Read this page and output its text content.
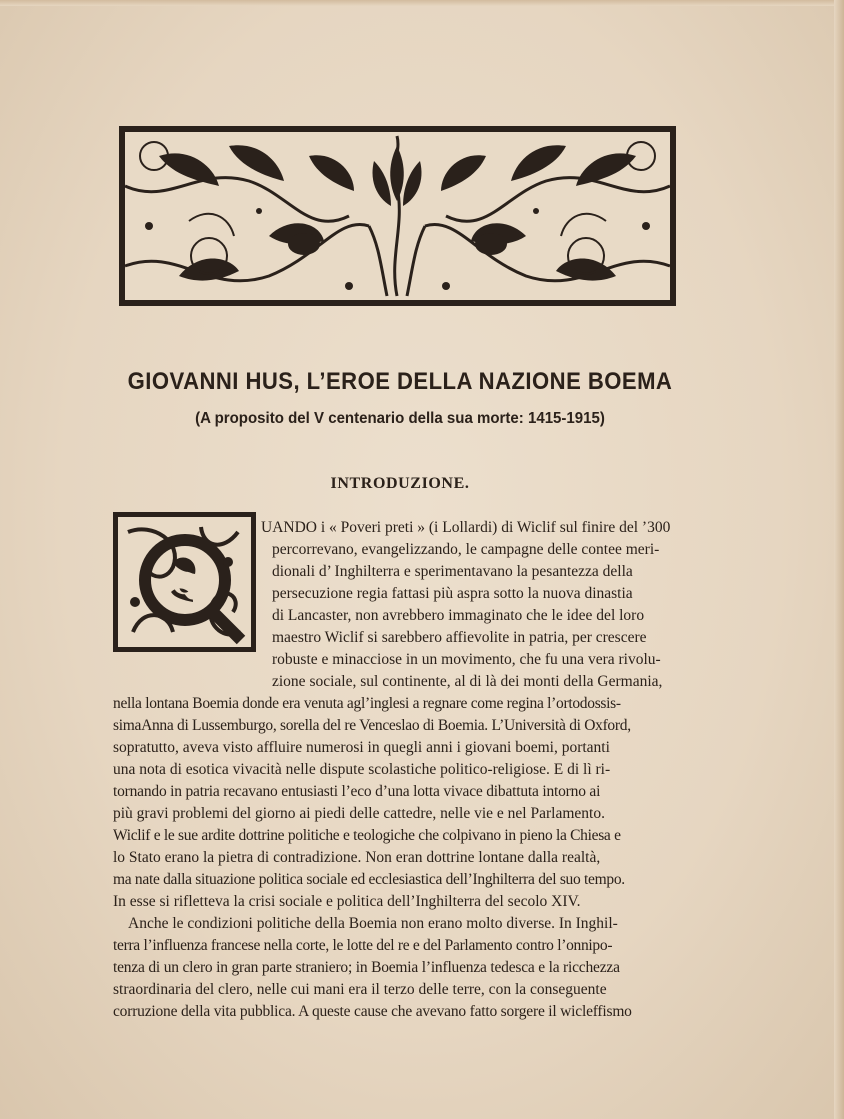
GIOVANNI HUS, L’EROE DELLA NAZIONE BOEMA
(A proposito del V centenario della sua morte: 1415-1915)
INTRODUZIONE.
Q
UANDO i « Poveri preti » (i Lollardi) di Wiclif sul finire del ’300
percorrevano, evangelizzando, le campagne delle contee meri-
dionali d’ Inghilterra e sperimentavano la pesantezza della
persecuzione regia fattasi più aspra sotto la nuova dinastia
di Lancaster, non avrebbero immaginato che le idee del loro
maestro Wiclif si sarebbero affievolite in patria, per crescere
robuste e minacciose in un movimento, che fu una vera rivolu-
zione sociale, sul continente, al di là dei monti della Germania,
nella lontana Boemia donde era venuta agl’inglesi a regnare come regina l’ortodossis-
simaAnna di Lussemburgo, sorella del re Venceslao di Boemia. L’Università di Oxford,
sopratutto, aveva visto affluire numerosi in quegli anni i giovani boemi, portanti
una nota di esotica vivacità nelle dispute scolastiche politico-religiose. E di lì ri-
tornando in patria recavano entusiasti l’eco d’una lotta vivace dibattuta intorno ai
più gravi problemi del giorno ai piedi delle cattedre, nelle vie e nel Parlamento.
Wiclif e le sue ardite dottrine politiche e teologiche che colpivano in pieno la Chiesa e
lo Stato erano la pietra di contradizione. Non eran dottrine lontane dalla realtà,
ma nate dalla situazione politica sociale ed ecclesiastica dell’Inghilterra del suo tempo.
In esse si rifletteva la crisi sociale e politica dell’Inghilterra del secolo XIV.
Anche le condizioni politiche della Boemia non erano molto diverse. In Inghil-
terra l’influenza francese nella corte, le lotte del re e del Parlamento contro l’onnipo-
tenza di un clero in gran parte straniero; in Boemia l’influenza tedesca e la ricchezza
straordinaria del clero, nelle cui mani era il terzo delle terre, con la conseguente
corruzione della vita pubblica. A queste cause che avevano fatto sorgere il wicleffismo
